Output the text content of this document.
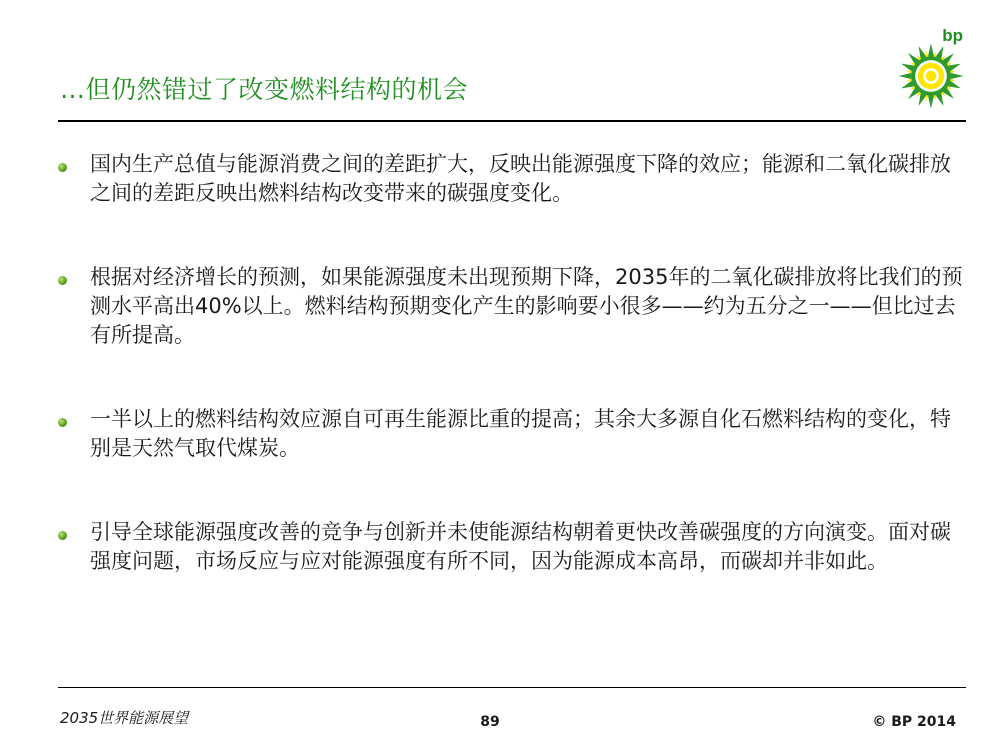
…但仍然错过了改变燃料结构的机会
bp
国内生产总值与能源消费之间的差距扩大，反映出能源强度下降的效应；能源和二氧化碳排放之间的差距反映出燃料结构改变带来的碳强度变化。
根据对经济增长的预测，如果能源强度未出现预期下降，2035年的二氧化碳排放将比我们的预测水平高出40%以上。燃料结构预期变化产生的影响要小很多——约为五分之一——但比过去有所提高。
一半以上的燃料结构效应源自可再生能源比重的提高；其余大多源自化石燃料结构的变化，特别是天然气取代煤炭。
引导全球能源强度改善的竞争与创新并未使能源结构朝着更快改善碳强度的方向演变。面对碳强度问题，市场反应与应对能源强度有所不同，因为能源成本高昂，而碳却并非如此。
2035世界能源展望	89	© BP 2014
